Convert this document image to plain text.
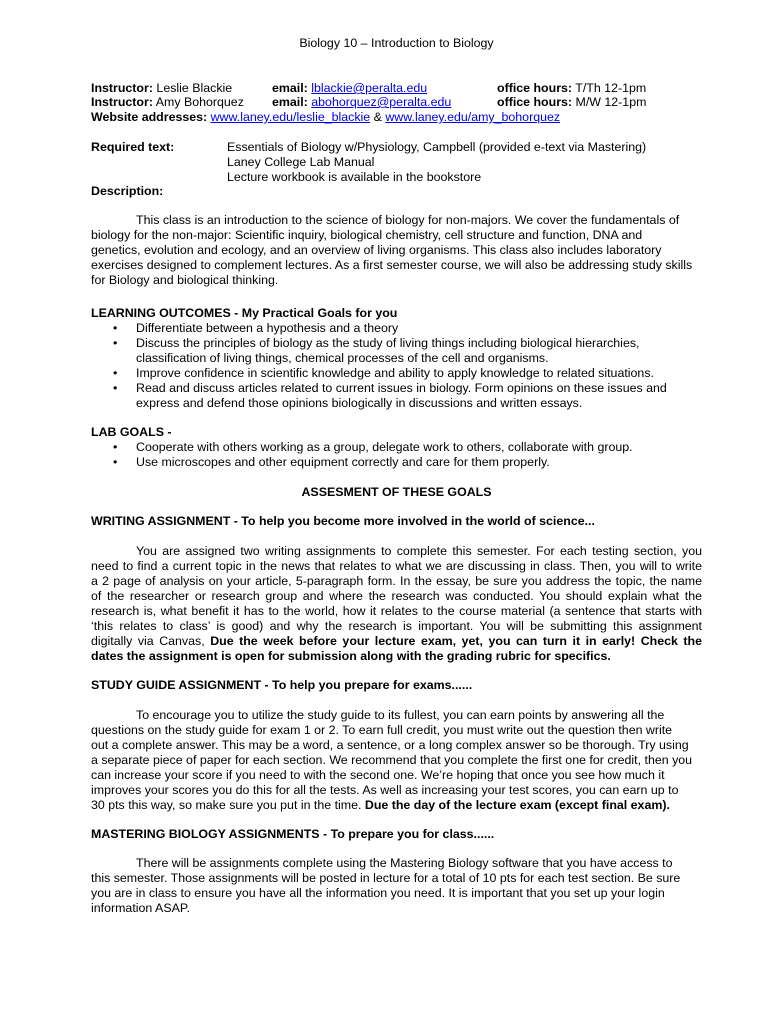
Biology 10 – Introduction to Biology
Instructor: Leslie Blackie	email: lblackie@peralta.edu	office hours: T/Th 12-1pm
Instructor: Amy Bohorquez email: abohorquez@peralta.edu	office hours: M/W 12-1pm
Website addresses: www.laney.edu/leslie_blackie & www.laney.edu/amy_bohorquez
Required text:	Essentials of Biology w/Physiology, Campbell (provided e-text via Mastering)
Laney College Lab Manual
Lecture workbook is available in the bookstore
Description:
This class is an introduction to the science of biology for non-majors. We cover the fundamentals of
biology for the non-major: Scientific inquiry, biological chemistry, cell structure and function, DNA and
genetics, evolution and ecology, and an overview of living organisms. This class also includes laboratory
exercises designed to complement lectures. As a first semester course, we will also be addressing study skills
for Biology and biological thinking.
LEARNING OUTCOMES - My Practical Goals for you
• Differentiate between a hypothesis and a theory
• Discuss the principles of biology as the study of living things including biological hierarchies,
classification of living things, chemical processes of the cell and organisms.
• Improve confidence in scientific knowledge and ability to apply knowledge to related situations.
• Read and discuss articles related to current issues in biology. Form opinions on these issues and
express and defend those opinions biologically in discussions and written essays.
LAB GOALS -
• Cooperate with others working as a group, delegate work to others, collaborate with group.
• Use microscopes and other equipment correctly and care for them properly.
ASSESMENT OF THESE GOALS
WRITING ASSIGNMENT - To help you become more involved in the world of science...
You are assigned two writing assignments to complete this semester. For each testing section, you
need to find a current topic in the news that relates to what we are discussing in class. Then, you will to write
a 2 page of analysis on your article, 5-paragraph form. In the essay, be sure you address the topic, the name
of the researcher or research group and where the research was conducted. You should explain what the
research is, what benefit it has to the world, how it relates to the course material (a sentence that starts with
‘this relates to class’ is good) and why the research is important. You will be submitting this assignment
digitally via Canvas, Due the week before your lecture exam, yet, you can turn it in early! Check the
dates the assignment is open for submission along with the grading rubric for specifics.
STUDY GUIDE ASSIGNMENT - To help you prepare for exams......
To encourage you to utilize the study guide to its fullest, you can earn points by answering all the
questions on the study guide for exam 1 or 2. To earn full credit, you must write out the question then write
out a complete answer. This may be a word, a sentence, or a long complex answer so be thorough. Try using
a separate piece of paper for each section. We recommend that you complete the first one for credit, then you
can increase your score if you need to with the second one. We’re hoping that once you see how much it
improves your scores you do this for all the tests. As well as increasing your test scores, you can earn up to
30 pts this way, so make sure you put in the time. Due the day of the lecture exam (except final exam).
MASTERING BIOLOGY ASSIGNMENTS - To prepare you for class......
There will be assignments complete using the Mastering Biology software that you have access to
this semester. Those assignments will be posted in lecture for a total of 10 pts for each test section. Be sure
you are in class to ensure you have all the information you need. It is important that you set up your login
information ASAP.
